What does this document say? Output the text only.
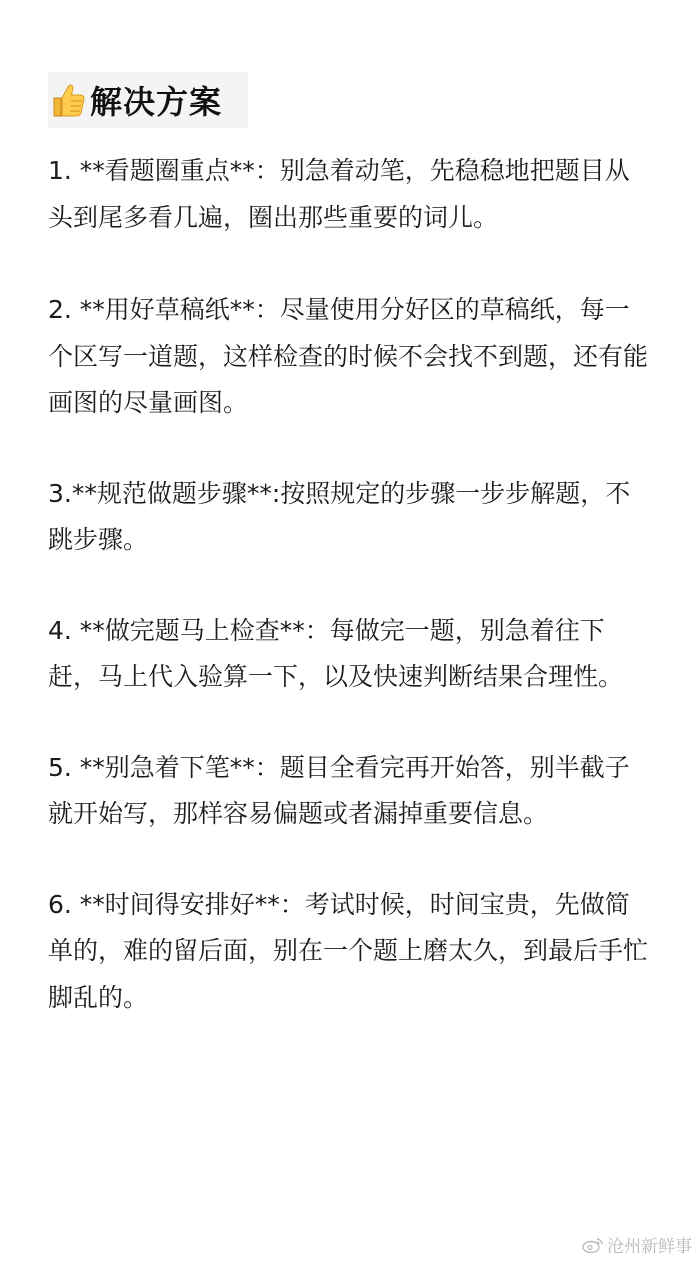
解决方案

1. **看题圈重点**：别急着动笔，先稳稳地把题目从头到尾多看几遍，圈出那些重要的词儿。

2. **用好草稿纸**：尽量使用分好区的草稿纸，每一个区写一道题，这样检查的时候不会找不到题，还有能画图的尽量画图。

3.**规范做题步骤**:按照规定的步骤一步步解题，不跳步骤。

4. **做完题马上检查**：每做完一题，别急着往下赶，马上代入验算一下，以及快速判断结果合理性。

5. **别急着下笔**：题目全看完再开始答，别半截子就开始写，那样容易偏题或者漏掉重要信息。

6. **时间得安排好**：考试时候，时间宝贵，先做简单的，难的留后面，别在一个题上磨太久，到最后手忙脚乱的。

沧州新鲜事
